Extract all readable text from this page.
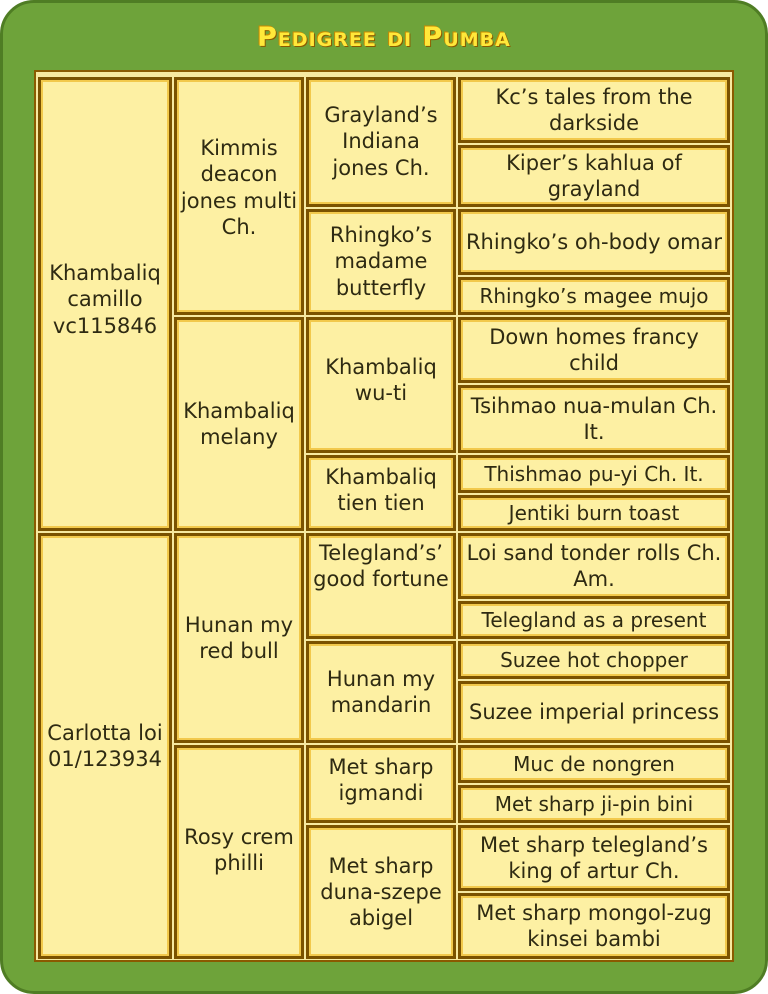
Pedigree di Pumba
Khambaliq camillo vc115846
Carlotta loi 01/123934
Kimmis deacon jones multi Ch.
Khambaliq melany
Hunan my red bull
Rosy crem philli
Grayland’s Indiana jones Ch.
Rhingko’s madame butterfly
Khambaliq wu-ti
Khambaliq tien tien
Telegland’s’ good fortune
Hunan my mandarin
Met sharp igmandi
Met sharp duna-szepe abigel
Kc’s tales from the darkside
Kiper’s kahlua of grayland
Rhingko’s oh-body omar
Rhingko’s magee mujo
Down homes francy child
Tsihmao nua-mulan Ch. It.
Thishmao pu-yi Ch. It.
Jentiki burn toast
Loi sand tonder rolls Ch. Am.
Telegland as a present
Suzee hot chopper
Suzee imperial princess
Muc de nongren
Met sharp ji-pin bini
Met sharp telegland’s king of artur Ch.
Met sharp mongol-zug kinsei bambi
